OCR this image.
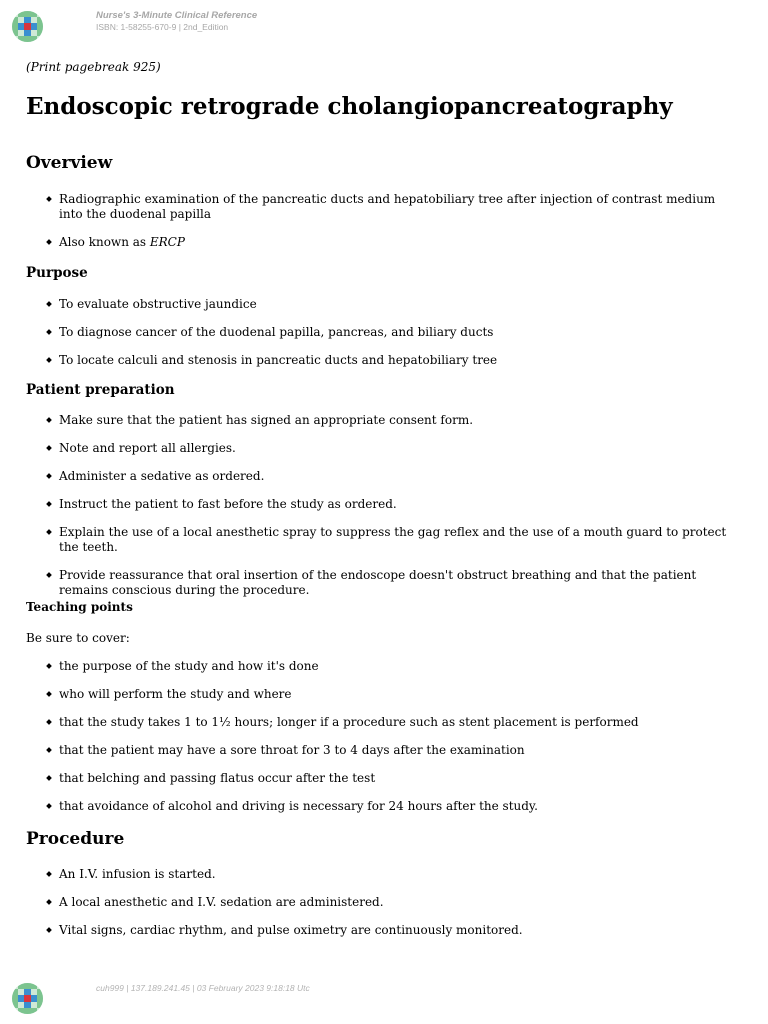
Nurse's 3-Minute Clinical Reference
ISBN: 1-58255-670-9 | 2nd_Edition
(Print pagebreak 925)
Endoscopic retrograde cholangiopancreatography
Overview
Radiographic examination of the pancreatic ducts and hepatobiliary tree after injection of contrast medium into the duodenal papilla
Also known as ERCP
Purpose
To evaluate obstructive jaundice
To diagnose cancer of the duodenal papilla, pancreas, and biliary ducts
To locate calculi and stenosis in pancreatic ducts and hepatobiliary tree
Patient preparation
Make sure that the patient has signed an appropriate consent form.
Note and report all allergies.
Administer a sedative as ordered.
Instruct the patient to fast before the study as ordered.
Explain the use of a local anesthetic spray to suppress the gag reflex and the use of a mouth guard to protect the teeth.
Provide reassurance that oral insertion of the endoscope doesn't obstruct breathing and that the patient remains conscious during the procedure.
Teaching points

Be sure to cover:

the purpose of the study and how it's done
who will perform the study and where
that the study takes 1 to 1½ hours; longer if a procedure such as stent placement is performed
that the patient may have a sore throat for 3 to 4 days after the examination
that belching and passing flatus occur after the test
that avoidance of alcohol and driving is necessary for 24 hours after the study.
Procedure
An I.V. infusion is started.
A local anesthetic and I.V. sedation are administered.
Vital signs, cardiac rhythm, and pulse oximetry are continuously monitored.
cuh999 | 137.189.241.45 | 03 February 2023 9:18:18 Utc
